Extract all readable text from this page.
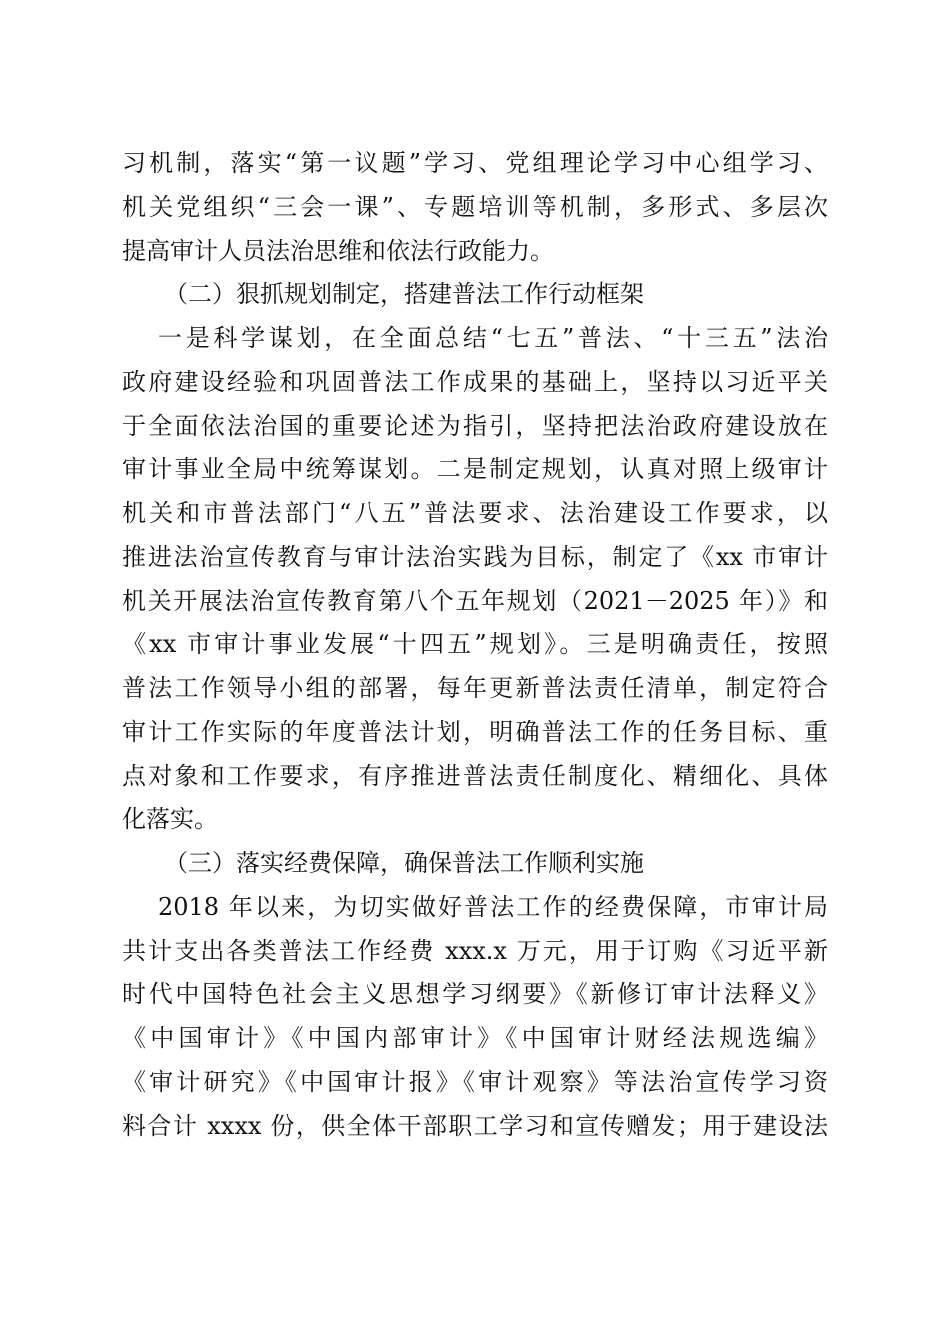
习机制，落实“第一议题”学习、党组理论学习中心组学习、
机关党组织“三会一课”、专题培训等机制，多形式、多层次
提高审计人员法治思维和依法行政能力。
（二）狠抓规划制定，搭建普法工作行动框架
一是科学谋划，在全面总结“七五”普法、“十三五”法治
政府建设经验和巩固普法工作成果的基础上，坚持以习近平关
于全面依法治国的重要论述为指引，坚持把法治政府建设放在
审计事业全局中统筹谋划。二是制定规划，认真对照上级审计
机关和市普法部门“八五”普法要求、法治建设工作要求，以
推进法治宣传教育与审计法治实践为目标，制定了《xx 市审计
机关开展法治宣传教育第八个五年规划（2021－2025 年）》和
《xx 市审计事业发展“十四五”规划》。三是明确责任，按照
普法工作领导小组的部署，每年更新普法责任清单，制定符合
审计工作实际的年度普法计划，明确普法工作的任务目标、重
点对象和工作要求，有序推进普法责任制度化、精细化、具体
化落实。
（三）落实经费保障，确保普法工作顺利实施
2018 年以来，为切实做好普法工作的经费保障，市审计局
共计支出各类普法工作经费 xxx.x 万元，用于订购《习近平新
时代中国特色社会主义思想学习纲要》《新修订审计法释义》
《中国审计》《中国内部审计》《中国审计财经法规选编》
《审计研究》《中国审计报》《审计观察》等法治宣传学习资
料合计 xxxx 份，供全体干部职工学习和宣传赠发；用于建设法
